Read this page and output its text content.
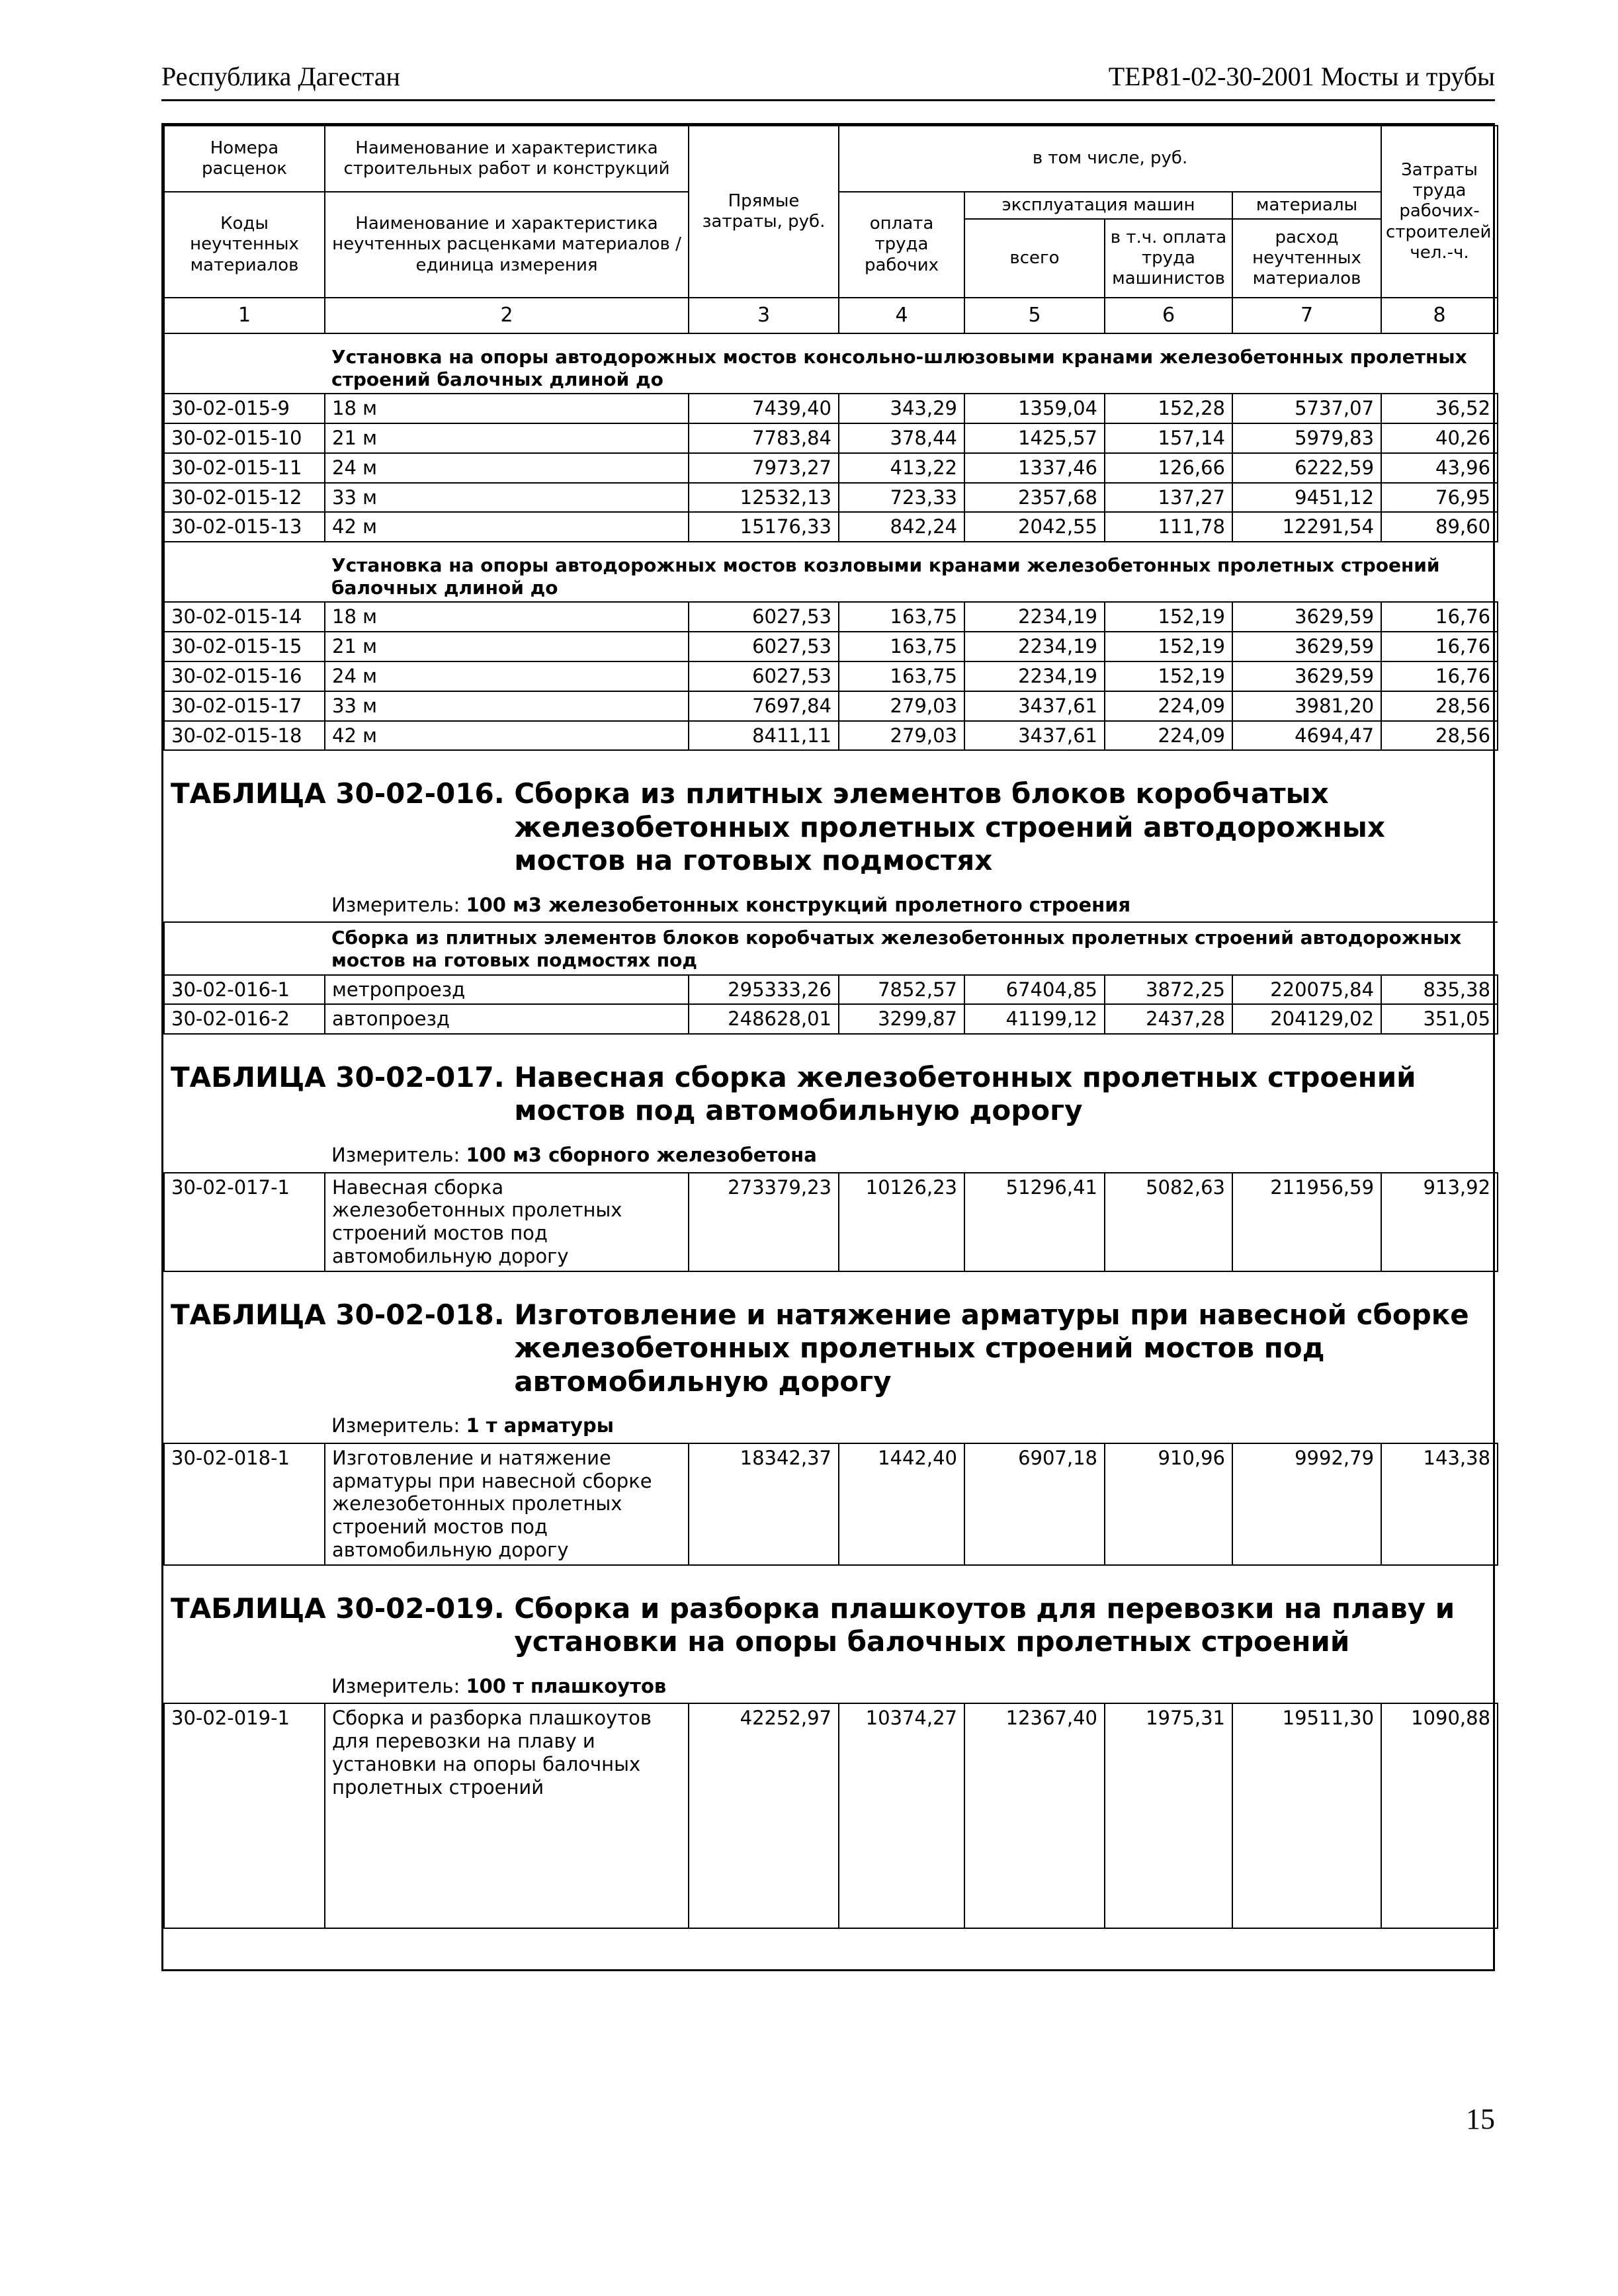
Республика Дагестан	ТЕР81-02-30-2001 Мосты и трубы
Номера расценок	Наименование и характеристика строительных работ и конструкций	Прямые затраты, руб.	в том числе, руб.				Затраты труда рабочих-строителей, чел.-ч.
Коды неучтенных материалов	Наименование и характеристика неучтенных расценками материалов / единица измерения		оплата труда рабочих	эксплуатация машин		материалы	
				всего	в т.ч. оплата труда машинистов	расход неучтенных материалов	

1	2	3	4	5	6	7	8
	Установка на опоры автодорожных мостов консольно-шлюзовыми кранами железобетонных пролетных строений балочных длиной до						
30-02-015-9	18 м	7439,40	343,29	1359,04	152,28	5737,07	36,52
30-02-015-10	21 м	7783,84	378,44	1425,57	157,14	5979,83	40,26
30-02-015-11	24 м	7973,27	413,22	1337,46	126,66	6222,59	43,96
30-02-015-12	33 м	12532,13	723,33	2357,68	137,27	9451,12	76,95
30-02-015-13	42 м	15176,33	842,24	2042,55	111,78	12291,54	89,60
	Установка на опоры автодорожных мостов козловыми кранами железобетонных пролетных строений балочных длиной до						
30-02-015-14	18 м	6027,53	163,75	2234,19	152,19	3629,59	16,76
30-02-015-15	21 м	6027,53	163,75	2234,19	152,19	3629,59	16,76
30-02-015-16	24 м	6027,53	163,75	2234,19	152,19	3629,59	16,76
30-02-015-17	33 м	7697,84	279,03	3437,61	224,09	3981,20	28,56
30-02-015-18	42 м	8411,11	279,03	3437,61	224,09	4694,47	28,56

ТАБЛИЦА 30-02-016. Сборка из плитных элементов блоков коробчатых железобетонных пролетных строений автодорожных мостов на готовых подмостях							

	Измеритель: 100 м3 железобетонных конструкций пролетного строения						
	Сборка из плитных элементов блоков коробчатых железобетонных пролетных строений автодорожных мостов на готовых подмостях под						
30-02-016-1	метропроезд	295333,26	7852,57	67404,85	3872,25	220075,84	835,38
30-02-016-2	автопроезд	248628,01	3299,87	41199,12	2437,28	204129,02	351,05

ТАБЛИЦА 30-02-017. Навесная сборка железобетонных пролетных строений мостов под автомобильную дорогу							

	Измеритель: 100 м3 сборного железобетона						
30-02-017-1	Навесная сборка железобетонных пролетных строений мостов под автомобильную дорогу	273379,23	10126,23	51296,41	5082,63	211956,59	913,92

ТАБЛИЦА 30-02-018. Изготовление и натяжение арматуры при навесной сборке железобетонных пролетных строений мостов под автомобильную дорогу							

	Измеритель: 1 т арматуры						
30-02-018-1	Изготовление и натяжение арматуры при навесной сборке железобетонных пролетных строений мостов под автомобильную дорогу	18342,37	1442,40	6907,18	910,96	9992,79	143,38

ТАБЛИЦА 30-02-019. Сборка и разборка плашкоутов для перевозки на плаву и установки на опоры балочных пролетных строений							

	Измеритель: 100 т плашкоутов						
30-02-019-1	Сборка и разборка плашкоутов для перевозки на плаву и установки на опоры балочных пролетных строений	42252,97	10374,27	12367,40	1975,31	19511,30	1090,88
15
